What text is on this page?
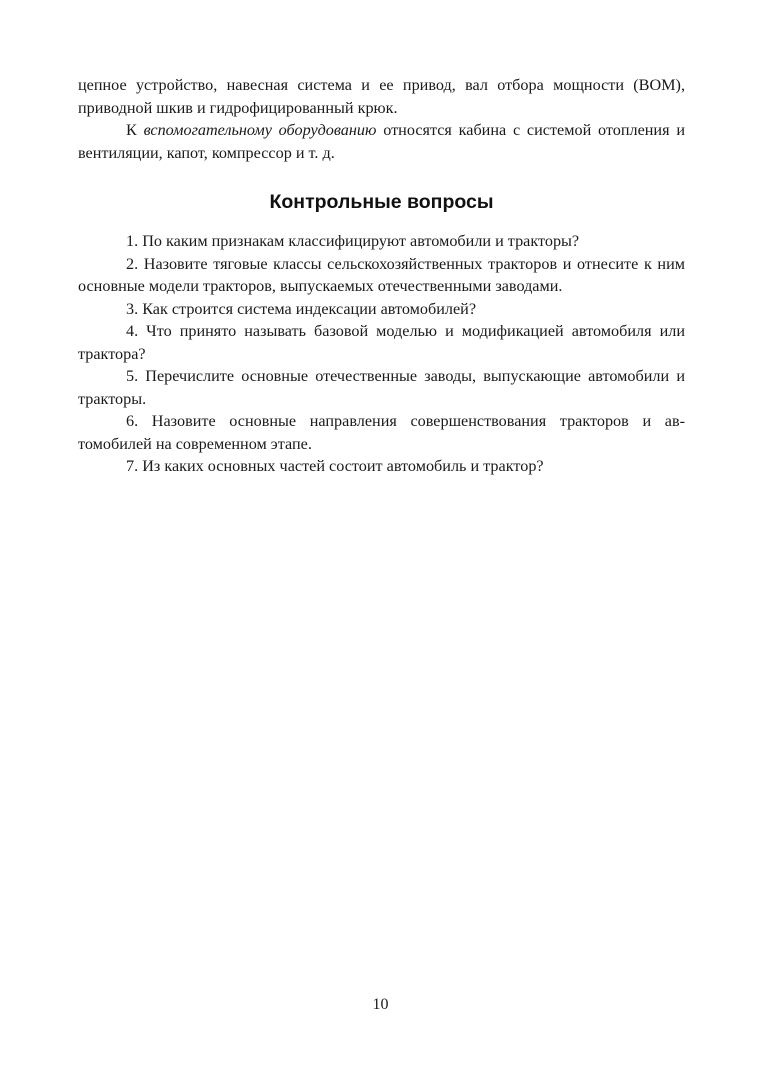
цепное устройство, навесная система и ее привод, вал отбора мощности (ВОМ), приводной шкив и гидрофицированный крюк.

К вспомогательному оборудованию относятся кабина с системой отопления и вентиляции, капот, компрессор и т. д.

Контрольные вопросы

1. По каким признакам классифицируют автомобили и тракторы?

2. Назовите тяговые классы сельскохозяйственных тракторов и отнесите к ним основные модели тракторов, выпускаемых отечественными заводами.

3. Как строится система индексации автомобилей?

4. Что принято называть базовой моделью и модификацией автомобиля или трактора?

5. Перечислите основные отечественные заводы, выпускающие автомобили и тракторы.

6. Назовите основные направления совершенствования тракторов и автомобилей на современном этапе.

7. Из каких основных частей состоит автомобиль и трактор?

10
